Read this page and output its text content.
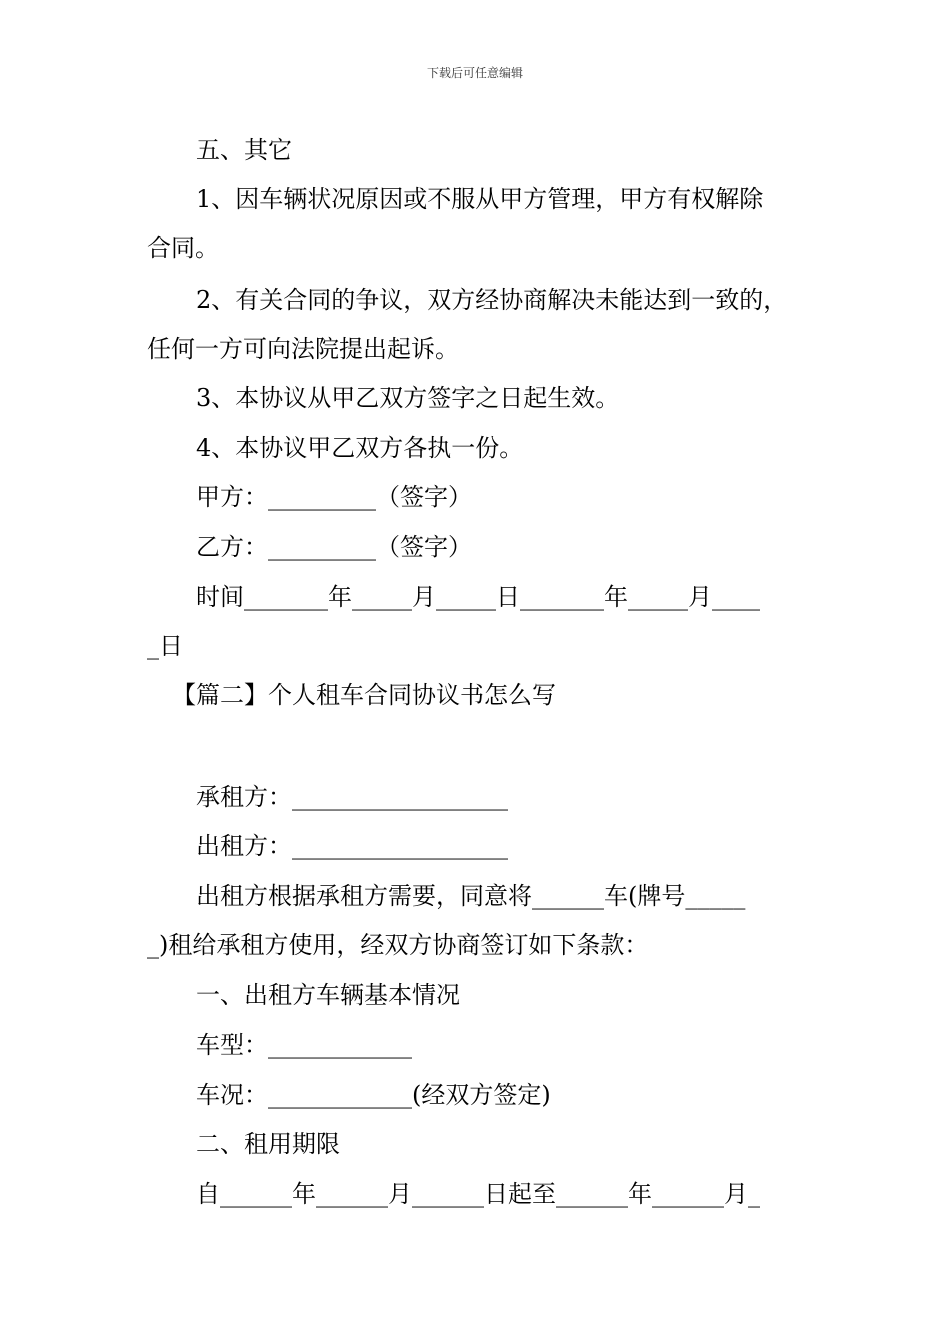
下载后可任意编辑
五、其它
1、因车辆状况原因或不服从甲方管理，甲方有权解除
合同。
2、有关合同的争议，双方经协商解决未能达到一致的，
任何一方可向法院提出起诉。
3、本协议从甲乙双方签字之日起生效。
4、本协议甲乙双方各执一份。
甲方：_________（签字）
乙方：_________（签字）
时间_______年_____月_____日_______年_____月____
_日
【篇二】个人租车合同协议书怎么写
承租方：__________________
出租方：__________________
出租方根据承租方需要，同意将______车(牌号_____
_)租给承租方使用，经双方协商签订如下条款：
一、出租方车辆基本情况
车型：____________
车况：____________(经双方签定)
二、租用期限
自______年______月______日起至______年______月_
